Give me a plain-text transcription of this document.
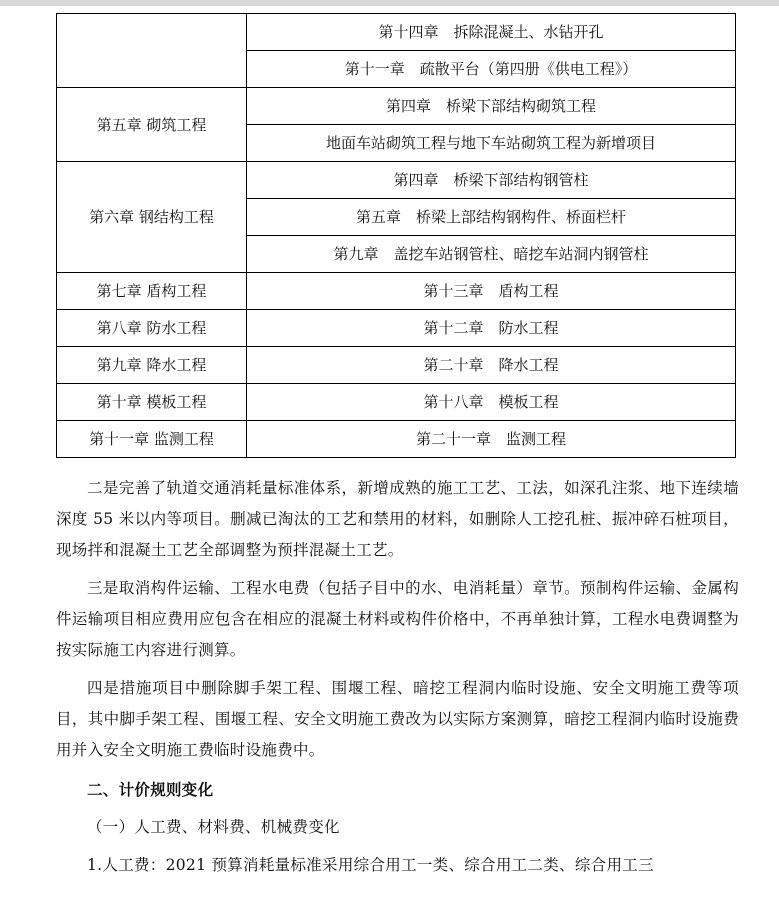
	第十四章　拆除混凝土、水钻开孔
	第十一章　疏散平台（第四册《供电工程》）
第五章 砌筑工程	第四章　桥梁下部结构砌筑工程
	地面车站砌筑工程与地下车站砌筑工程为新增项目
第六章 钢结构工程	第四章　桥梁下部结构钢管柱
	第五章　桥梁上部结构钢构件、桥面栏杆
	第九章　盖挖车站钢管柱、暗挖车站洞内钢管柱
第七章 盾构工程	第十三章　盾构工程
第八章 防水工程	第十二章　防水工程
第九章 降水工程	第二十章　降水工程
第十章 模板工程	第十八章　模板工程
第十一章 监测工程	第二十一章　监测工程

二是完善了轨道交通消耗量标准体系，新增成熟的施工工艺、工法，如深孔注浆、地下连续墙深度 55 米以内等项目。删减已淘汰的工艺和禁用的材料，如删除人工挖孔桩、振冲碎石桩项目，现场拌和混凝土工艺全部调整为预拌混凝土工艺。

三是取消构件运输、工程水电费（包括子目中的水、电消耗量）章节。预制构件运输、金属构件运输项目相应费用应包含在相应的混凝土材料或构件价格中，不再单独计算，工程水电费调整为按实际施工内容进行测算。

四是措施项目中删除脚手架工程、围堰工程、暗挖工程洞内临时设施、安全文明施工费等项目，其中脚手架工程、围堰工程、安全文明施工费改为以实际方案测算，暗挖工程洞内临时设施费用并入安全文明施工费临时设施费中。

二、计价规则变化

（一）人工费、材料费、机械费变化

1.人工费：2021 预算消耗量标准采用综合用工一类、综合用工二类、综合用工三
